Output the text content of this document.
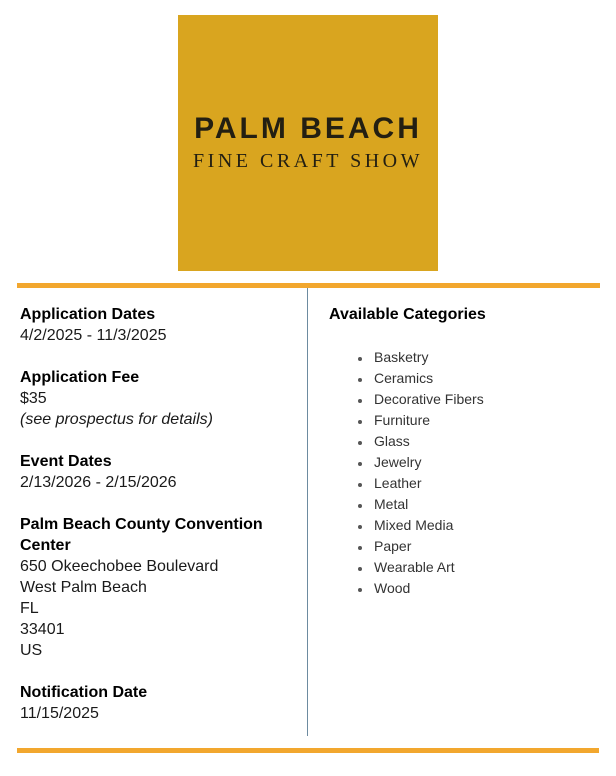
PALM BEACH
FINE CRAFT SHOW
Application Dates
4/2/2025 - 11/3/2025
Application Fee
$35
(see prospectus for details)
Event Dates
2/13/2026 - 2/15/2026
Palm Beach County Convention Center
650 Okeechobee Boulevard
West Palm Beach
FL
33401
US
Notification Date
11/15/2025
Available Categories
• Basketry
• Ceramics
• Decorative Fibers
• Furniture
• Glass
• Jewelry
• Leather
• Metal
• Mixed Media
• Paper
• Wearable Art
• Wood
